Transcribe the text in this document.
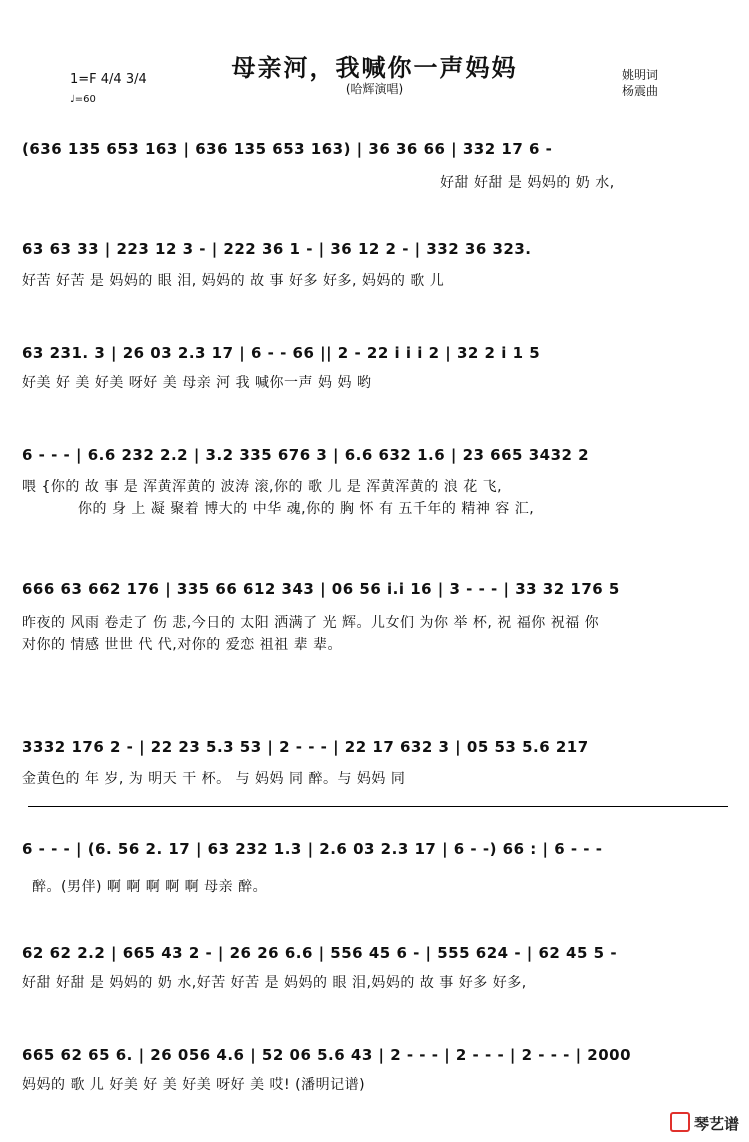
母亲河，我喊你一声妈妈
(哈辉演唱)
1=F 4/4 3/4
♩=60
姚明词
杨震曲
(636 135 653 163 | 636 135 653 163) | 36 36 66 | 332 17 6 -
好甜 好甜 是 妈妈的 奶 水,
63 63 33 | 223 12 3 - | 222 36 1 - | 36 12 2 - | 332 36 323.
好苦 好苦 是 妈妈的 眼 泪, 妈妈的 故 事 好多 好多, 妈妈的 歌 儿
63 231. 3 | 26 03 2.3 17 | 6 - - 66 || 2 - 22 i i i 2 | 32 2 i 1 5
好美 好 美 好美 呀好 美 母亲 河 我 喊你一声 妈 妈 哟
6 - - - | 6.6 232 2.2 | 3.2 335 676 3 | 6.6 632 1.6 | 23 665 3432 2
喂 {你的 故 事 是 浑黄浑黄的 波涛 滚,你的 歌 儿 是 浑黄浑黄的 浪 花 飞,
你的 身 上 凝 聚着 博大的 中华 魂,你的 胸 怀 有 五千年的 精神 容 汇,
666 63 662 176 | 335 66 612 343 | 06 56 i.i 16 | 3 - - - | 33 32 176 5
昨夜的 风雨 卷走了 伤 悲,今日的 太阳 洒满了 光 辉。儿女们 为你 举 杯, 祝 福你 祝福 你
对你的 情感 世世 代 代,对你的 爱恋 祖祖 辈 辈。
3332 176 2 - | 22 23 5.3 53 | 2 - - - | 22 17 632 3 | 05 53 5.6 217
金黄色的 年 岁, 为 明天 干 杯。 与 妈妈 同 醉。与 妈妈 同
6 - - - | (6. 56 2. 17 | 63 232 1.3 | 2.6 03 2.3 17 | 6 - -) 66 : | 6 - - -
醉。(男伴) 啊 啊 啊 啊 啊 母亲 醉。
62 62 2.2 | 665 43 2 - | 26 26 6.6 | 556 45 6 - | 555 624 - | 62 45 5 -
好甜 好甜 是 妈妈的 奶 水,好苦 好苦 是 妈妈的 眼 泪,妈妈的 故 事 好多 好多,
665 62 65 6. | 26 056 4.6 | 52 06 5.6 43 | 2 - - - | 2 - - - | 2 - - - | 2000
妈妈的 歌 儿 好美 好 美 好美 呀好 美 哎! (潘明记谱)
琴艺谱
